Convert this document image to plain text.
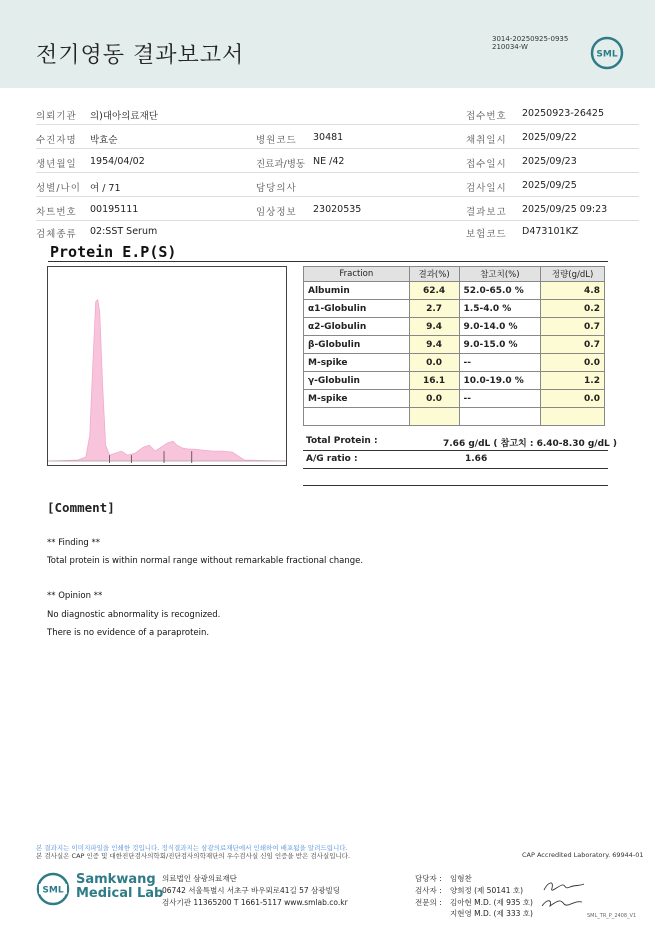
전기영동 결과보고서
3014-20250925-0935
210034-W
SML
의뢰기관 의)대아의료재단	접수번호 20250923-26425
수진자명 박효순	병원코드 30481	채취일시 2025/09/22
생년월일 1954/04/02	진료과/병동 NE /42	접수일시 2025/09/23
성별/나이 여 / 71	담당의사	검사일시 2025/09/25
차트번호 00195111	임상정보 23020535	결과보고 2025/09/25 09:23
검체종류 02:SST Serum	보험코드 D473101KZ
Protein E.P(S)
Fraction	결과(%)	참고치(%)	정량(g/dL)
Albumin	62.4	52.0-65.0 %	4.8
α1-Globulin	2.7	1.5-4.0 %	0.2
α2-Globulin	9.4	9.0-14.0 %	0.7
β-Globulin	9.4	9.0-15.0 %	0.7
M-spike	0.0	--	0.0
γ-Globulin	16.1	10.0-19.0 %	1.2
M-spike	0.0	--	0.0

Total Protein :	7.66 g/dL ( 참고치 : 6.40-8.30 g/dL )
A/G ratio :	1.66
[Comment]
** Finding **
Total protein is within normal range without remarkable fractional change.
** Opinion **
No diagnostic abnormality is recognized.
There is no evidence of a paraprotein.
본 결과지는 이미지파일을 인쇄한 것입니다. 정식결과지는 삼광의료재단에서 인쇄하여 배포됨을 알려드립니다.
본 검사실은 CAP 인증 및 대한진단검사의학회/진단검사의학재단의 우수검사실 신임 인증을 받은 검사실입니다.	CAP Accredited Laboratory. 69944-01
SML
Samkwang
Medical Lab
의료법인 삼광의료재단
06742 서울특별시 서초구 바우뫼로41길 57 삼광빌딩
검사기관 11365200 T 1661-5117 www.smlab.co.kr
담당자 : 임형찬
검사자 : 양희정 (제 50141 호)
전문의 : 김아현 M.D. (제 935 호)
지현영 M.D. (제 333 호)	SML_TR_P_2408_V1
